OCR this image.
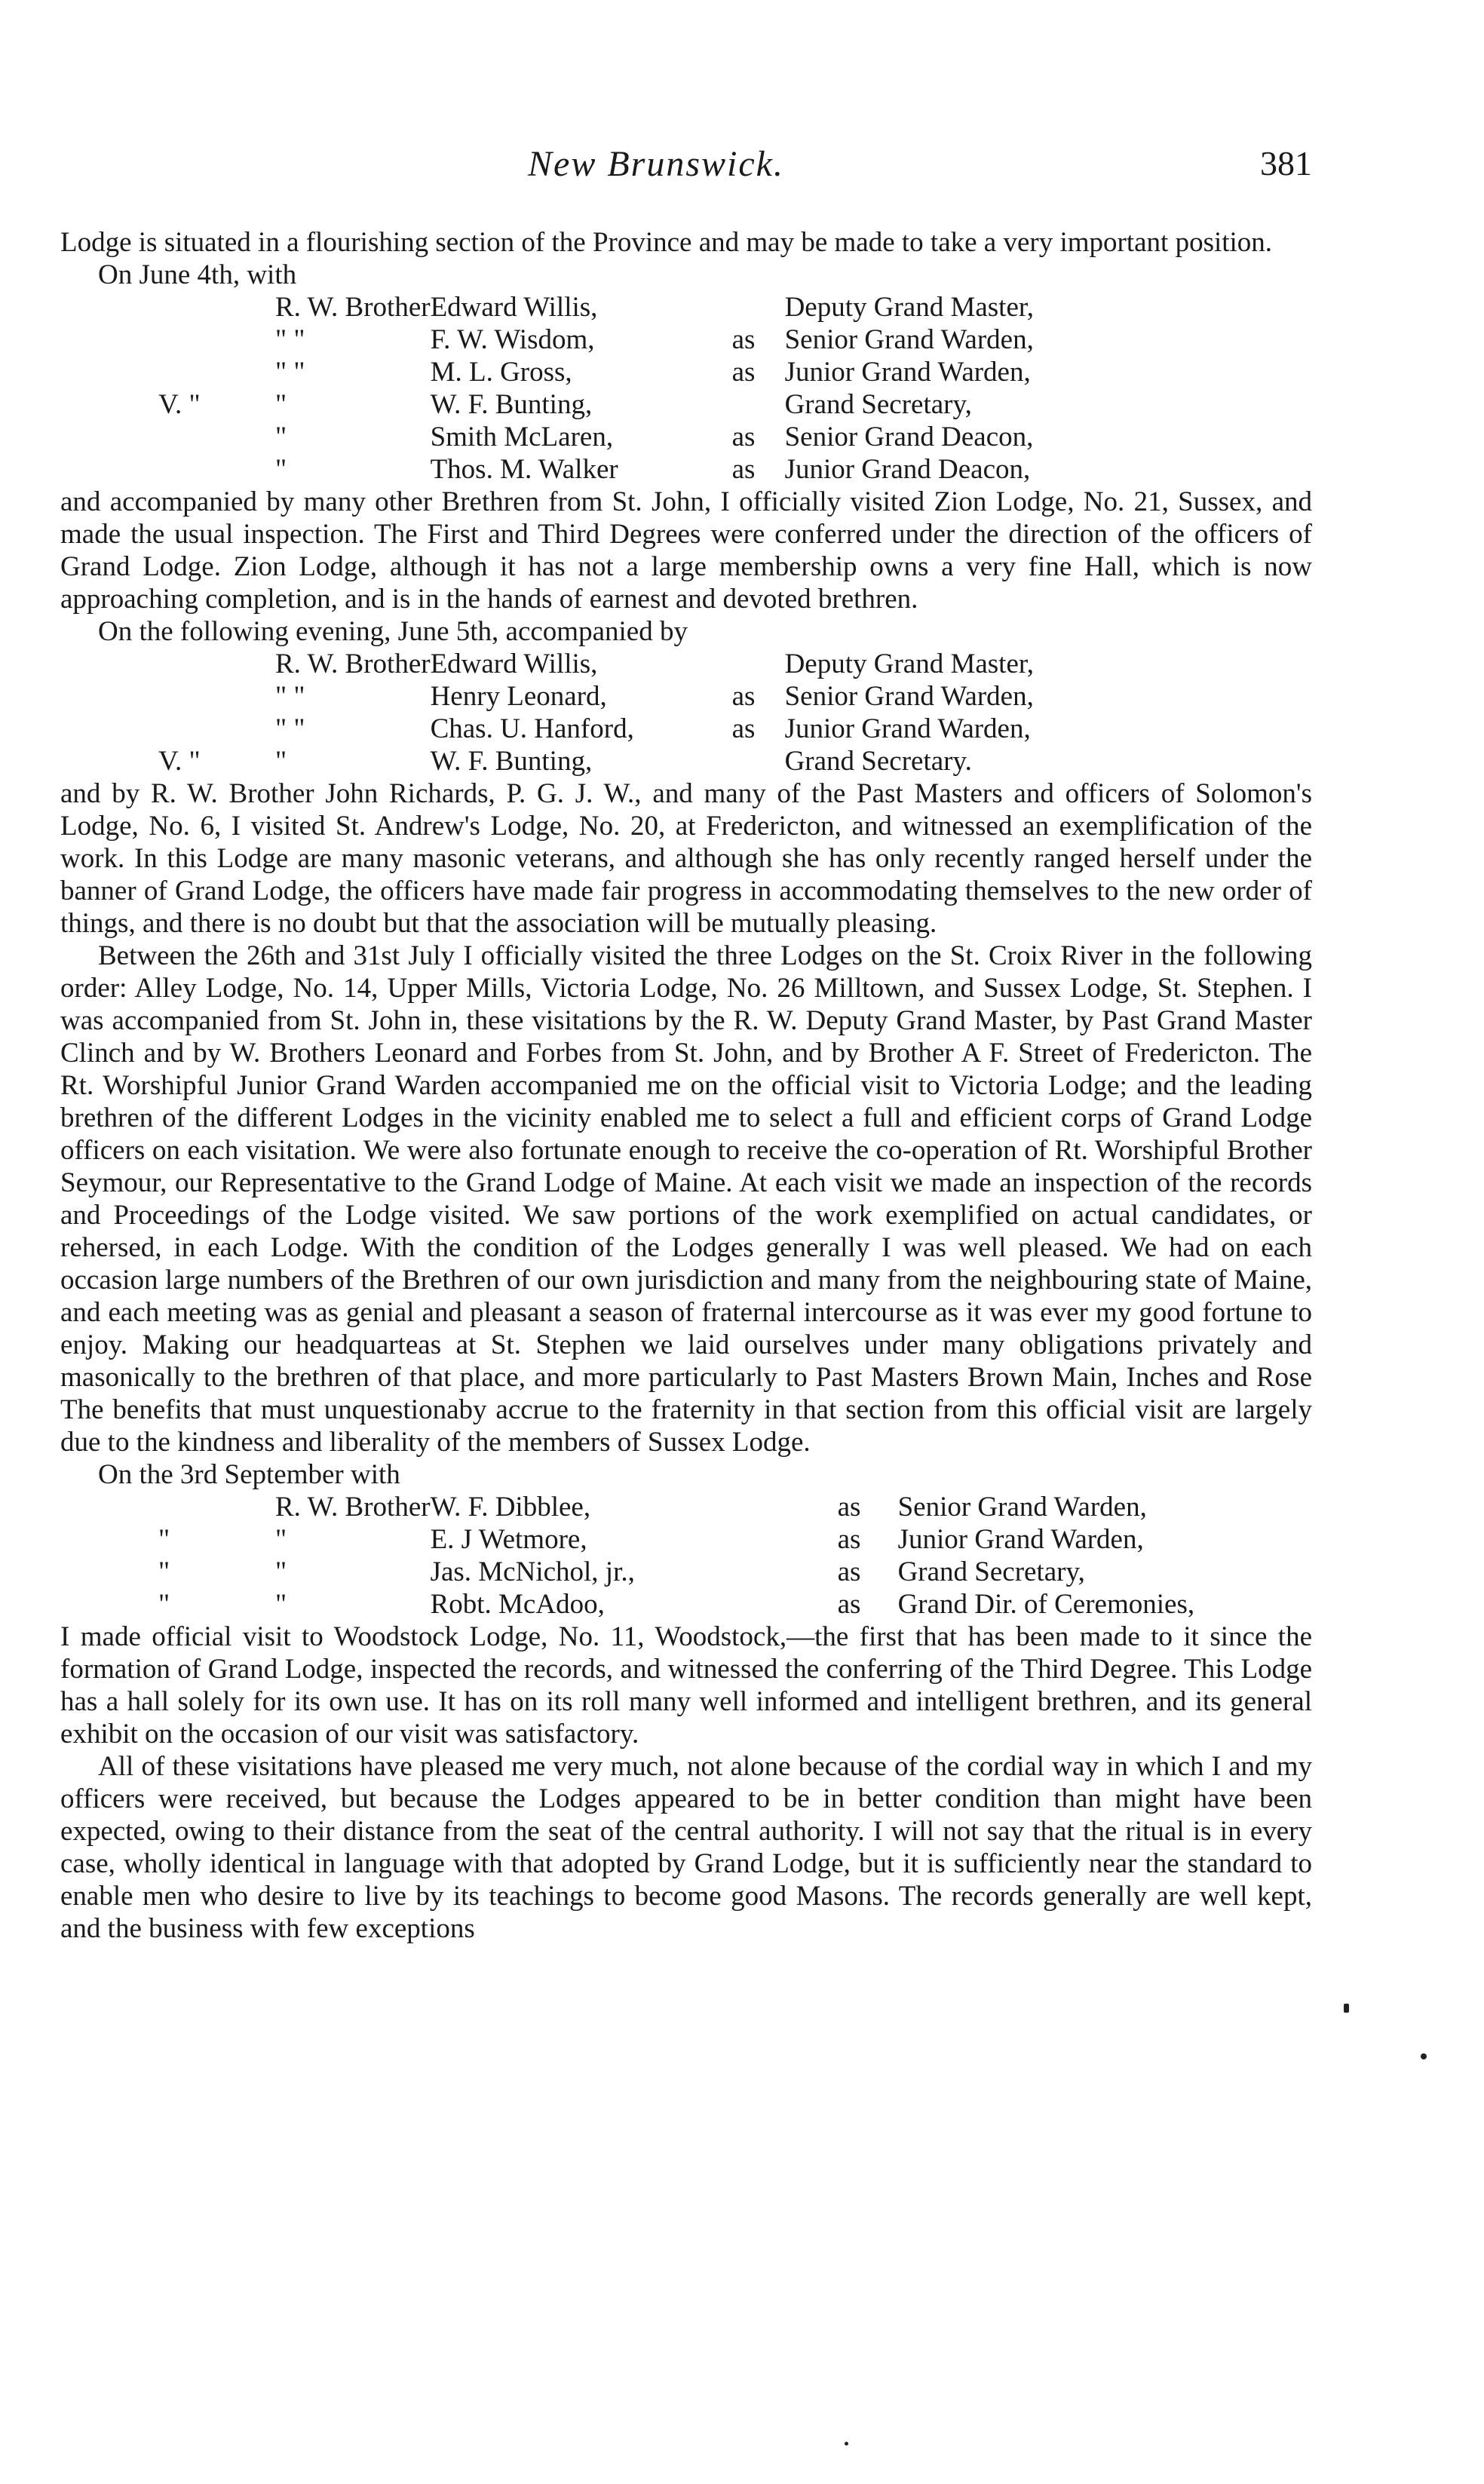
New Brunswick.	381

Lodge is situated in a flourishing section of the Province and may be made to take a very important position.

On June 4th, with

	R. W. Brother	Edward Willis,		Deputy Grand Master,
	" "	F. W. Wisdom,	as	Senior Grand Warden,
	" "	M. L. Gross,	as	Junior Grand Warden,
V. "	"	W. F. Bunting,		Grand Secretary,
	"	Smith McLaren,	as	Senior Grand Deacon,
	"	Thos. M. Walker	as	Junior Grand Deacon,

and accompanied by many other Brethren from St. John, I officially visited Zion Lodge, No. 21, Sussex, and made the usual inspection. The First and Third Degrees were conferred under the direction of the officers of Grand Lodge. Zion Lodge, although it has not a large membership owns a very fine Hall, which is now approaching completion, and is in the hands of earnest and devoted brethren.

On the following evening, June 5th, accompanied by

	R. W. Brother	Edward Willis,		Deputy Grand Master,
	" "	Henry Leonard,	as	Senior Grand Warden,
	" "	Chas. U. Hanford,	as	Junior Grand Warden,
V. "	"	W. F. Bunting,		Grand Secretary.

and by R. W. Brother John Richards, P. G. J. W., and many of the Past Masters and officers of Solomon's Lodge, No. 6, I visited St. Andrew's Lodge, No. 20, at Fredericton, and witnessed an exemplification of the work. In this Lodge are many masonic veterans, and although she has only recently ranged herself under the banner of Grand Lodge, the officers have made fair progress in accommodating themselves to the new order of things, and there is no doubt but that the association will be mutually pleasing.

Between the 26th and 31st July I officially visited the three Lodges on the St. Croix River in the following order: Alley Lodge, No. 14, Upper Mills, Victoria Lodge, No. 26 Milltown, and Sussex Lodge, St. Stephen. I was accompanied from St. John in, these visitations by the R. W. Deputy Grand Master, by Past Grand Master Clinch and by W. Brothers Leonard and Forbes from St. John, and by Brother A F. Street of Fredericton. The Rt. Worshipful Junior Grand Warden accompanied me on the official visit to Victoria Lodge; and the leading brethren of the different Lodges in the vicinity enabled me to select a full and efficient corps of Grand Lodge officers on each visitation. We were also fortunate enough to receive the co-operation of Rt. Worshipful Brother Seymour, our Representative to the Grand Lodge of Maine. At each visit we made an inspection of the records and Proceedings of the Lodge visited. We saw portions of the work exemplified on actual candidates, or rehersed, in each Lodge. With the condition of the Lodges generally I was well pleased. We had on each occasion large numbers of the Brethren of our own jurisdiction and many from the neighbouring state of Maine, and each meeting was as genial and pleasant a season of fraternal intercourse as it was ever my good fortune to enjoy. Making our headquarteas at St. Stephen we laid ourselves under many obligations privately and masonically to the brethren of that place, and more particularly to Past Masters Brown Main, Inches and Rose The benefits that must unquestionaby accrue to the fraternity in that section from this official visit are largely due to the kindness and liberality of the members of Sussex Lodge.

On the 3rd September with

	R. W. Brother	W. F. Dibblee,	as	Senior Grand Warden,
"	"	E. J Wetmore,	as	Junior Grand Warden,
"	"	Jas. McNichol, jr.,	as	Grand Secretary,
"	"	Robt. McAdoo,	as	Grand Dir. of Ceremonies,

I made official visit to Woodstock Lodge, No. 11, Woodstock,—the first that has been made to it since the formation of Grand Lodge, inspected the records, and witnessed the conferring of the Third Degree. This Lodge has a hall solely for its own use. It has on its roll many well informed and intelligent brethren, and its general exhibit on the occasion of our visit was satisfactory.

All of these visitations have pleased me very much, not alone because of the cordial way in which I and my officers were received, but because the Lodges appeared to be in better condition than might have been expected, owing to their distance from the seat of the central authority. I will not say that the ritual is in every case, wholly identical in language with that adopted by Grand Lodge, but it is sufficiently near the standard to enable men who desire to live by its teachings to become good Masons. The records generally are well kept, and the business with few exceptions
